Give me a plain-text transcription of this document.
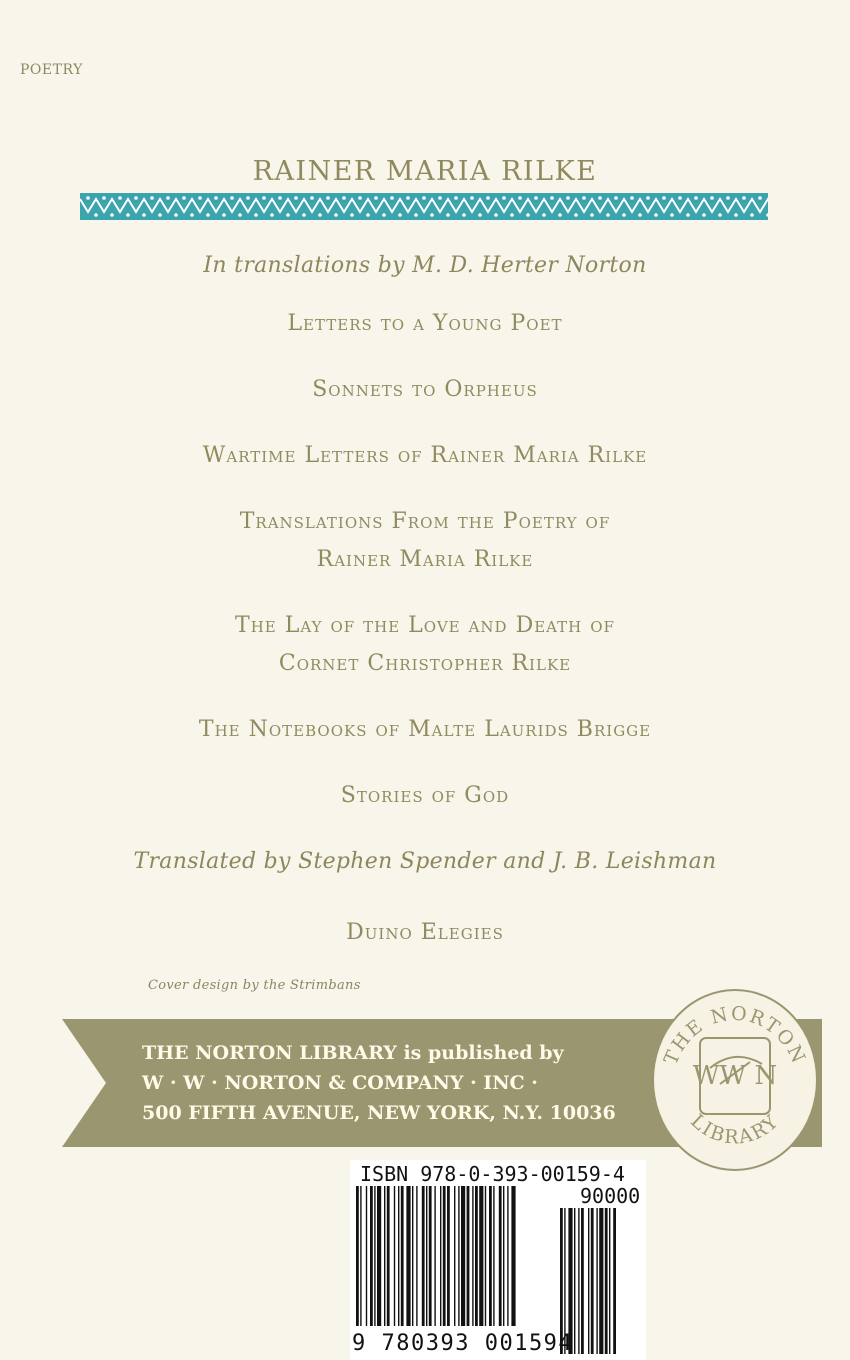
POETRY
RAINER MARIA RILKE
In translations by M. D. Herter Norton
Letters to a Young Poet
Sonnets to Orpheus
Wartime Letters of Rainer Maria Rilke
Translations From the Poetry of
Rainer Maria Rilke
The Lay of the Love and Death of
Cornet Christopher Rilke
The Notebooks of Malte Laurids Brigge
Stories of God
Translated by Stephen Spender and J. B. Leishman
Duino Elegies
Cover design by the Strimbans
THE NORTON LIBRARY is published by
W · W · NORTON & COMPANY · INC ·
500 FIFTH AVENUE, NEW YORK, N.Y. 10036
THE NORTON
LIBRARY
WW N
ISBN 978-0-393-00159-4
90000
9 780393 001594
